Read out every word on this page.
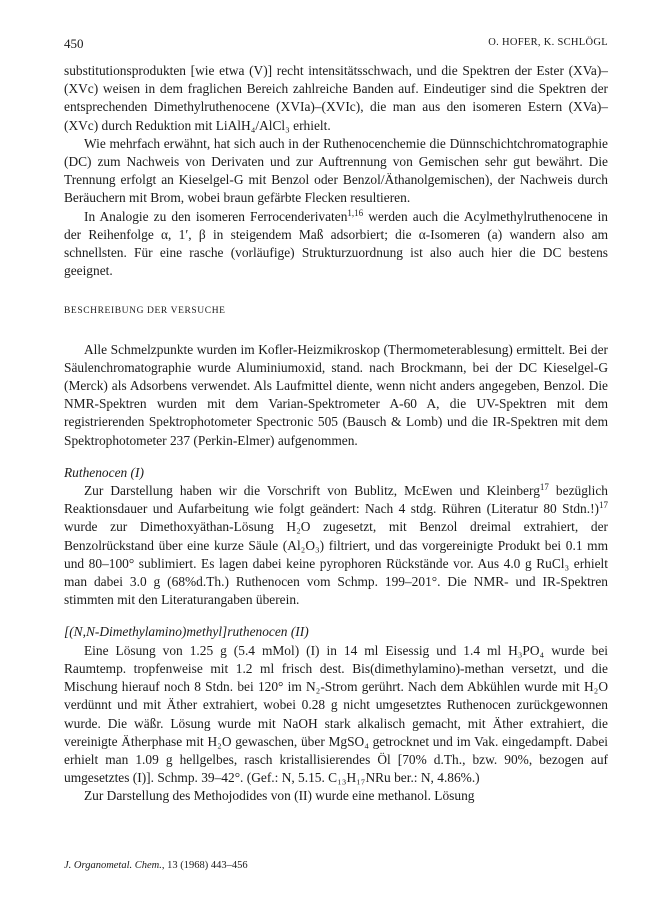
450	O. HOFER, K. SCHLÖGL

substitutionsprodukten [wie etwa (V)] recht intensitätsschwach, und die Spektren der Ester (XVa)–(XVc) weisen in dem fraglichen Bereich zahlreiche Banden auf. Eindeutiger sind die Spektren der entsprechenden Dimethylruthenocene (XVIa)–(XVIc), die man aus den isomeren Estern (XVa)–(XVc) durch Reduktion mit LiAlH₄/AlCl₃ erhielt.

Wie mehrfach erwähnt, hat sich auch in der Ruthenocenchemie die Dünnschichtchromatographie (DC) zum Nachweis von Derivaten und zur Auftrennung von Gemischen sehr gut bewährt. Die Trennung erfolgt an Kieselgel-G mit Benzol oder Benzol/Äthanolgemischen), der Nachweis durch Beräuchern mit Brom, wobei braun gefärbte Flecken resultieren.

In Analogie zu den isomeren Ferrocenderivaten$^{1,16}$ werden auch die Acylmethylruthenocene in der Reihenfolge α, 1′, β in steigendem Maß adsorbiert; die α-Isomeren (a) wandern also am schnellsten. Für eine rasche (vorläufige) Strukturzuordnung ist also auch hier die DC bestens geeignet.

BESCHREIBUNG DER VERSUCHE

Alle Schmelzpunkte wurden im Kofler-Heizmikroskop (Thermometerablesung) ermittelt. Bei der Säulenchromatographie wurde Aluminiumoxid, stand. nach Brockmann, bei der DC Kieselgel-G (Merck) als Adsorbens verwendet. Als Laufmittel diente, wenn nicht anders angegeben, Benzol. Die NMR-Spektren wurden mit dem Varian-Spektrometer A-60 A, die UV-Spektren mit dem registrierenden Spektrophotometer Spectronic 505 (Bausch & Lomb) und die IR-Spektren mit dem Spektrophotometer 237 (Perkin-Elmer) aufgenommen.

Ruthenocen (I)

Zur Darstellung haben wir die Vorschrift von Bublitz, McEwen und Kleinberg$^{17}$ bezüglich Reaktionsdauer und Aufarbeitung wie folgt geändert: Nach 4 stdg. Rühren (Literatur 80 Stdn.!)$^{17}$ wurde zur Dimethoxyäthan-Lösung H₂O zugesetzt, mit Benzol dreimal extrahiert, der Benzolrückstand über eine kurze Säule (Al₂O₃) filtriert, und das vorgereinigte Produkt bei 0.1 mm und 80–100° sublimiert. Es lagen dabei keine pyrophoren Rückstände vor. Aus 4.0 g RuCl₃ erhielt man dabei 3.0 g (68%d.Th.) Ruthenocen vom Schmp. 199–201°. Die NMR- und IR-Spektren stimmten mit den Literaturangaben überein.

[(N,N-Dimethylamino)methyl]ruthenocen (II)

Eine Lösung von 1.25 g (5.4 mMol) (I) in 14 ml Eisessig und 1.4 ml H₃PO₄ wurde bei Raumtemp. tropfenweise mit 1.2 ml frisch dest. Bis(dimethylamino)-methan versetzt, und die Mischung hierauf noch 8 Stdn. bei 120° im N₂-Strom gerührt. Nach dem Abkühlen wurde mit H₂O verdünnt und mit Äther extrahiert, wobei 0.28 g nicht umgesetztes Ruthenocen zurückgewonnen wurde. Die wäßr. Lösung wurde mit NaOH stark alkalisch gemacht, mit Äther extrahiert, die vereinigte Ätherphase mit H₂O gewaschen, über MgSO₄ getrocknet und im Vak. eingedampft. Dabei erhielt man 1.09 g hellgelbes, rasch kristallisierendes Öl [70% d.Th., bzw. 90%, bezogen auf umgesetztes (I)]. Schmp. 39–42°. (Gef.: N, 5.15. C₁₃H₁₇NRu ber.: N, 4.86%.)

Zur Darstellung des Methojodides von (II) wurde eine methanol. Lösung

J. Organometal. Chem., 13 (1968) 443–456
